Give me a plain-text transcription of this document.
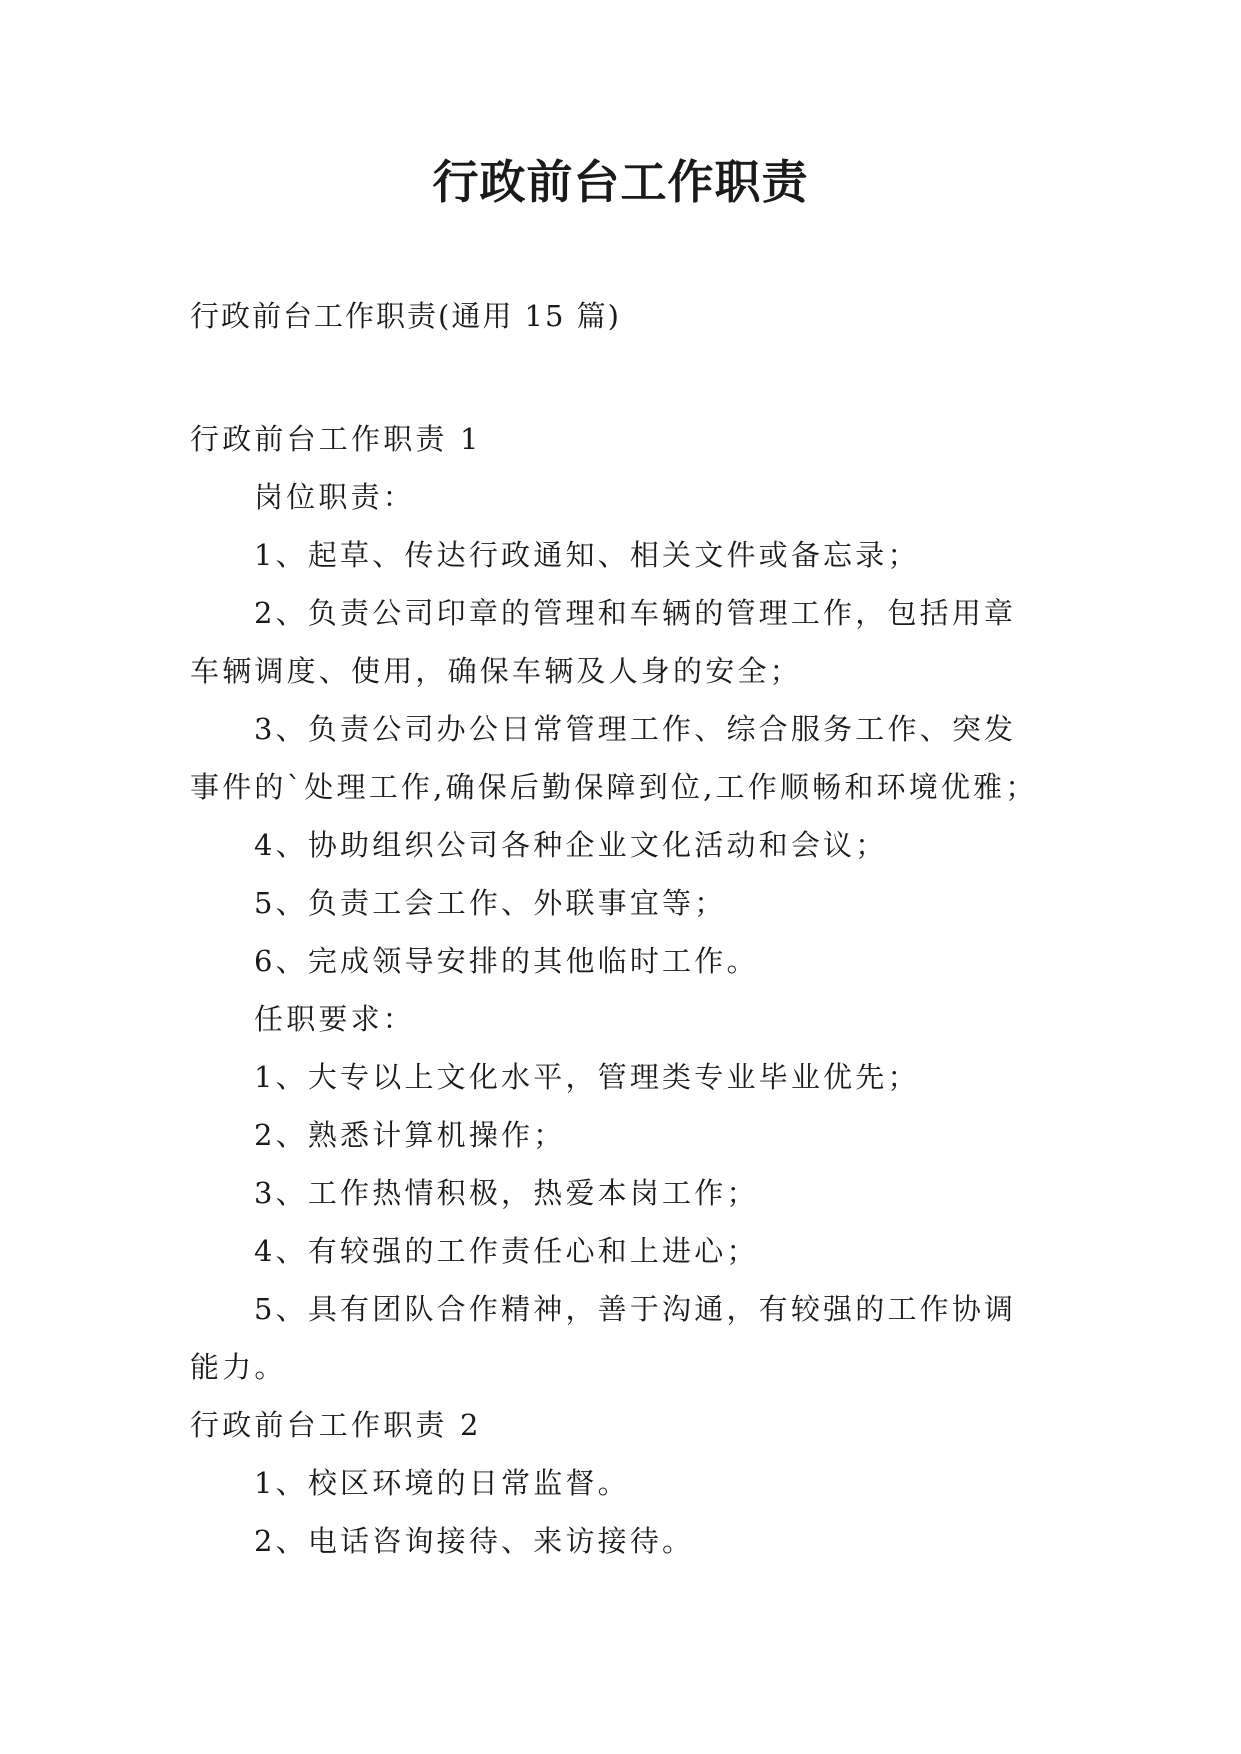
行政前台工作职责

行政前台工作职责(通用 15 篇)

行政前台工作职责 1

岗位职责：

1、起草、传达行政通知、相关文件或备忘录；

2、负责公司印章的管理和车辆的管理工作，包括用章

车辆调度、使用，确保车辆及人身的安全；

3、负责公司办公日常管理工作、综合服务工作、突发

事件的`处理工作,确保后勤保障到位,工作顺畅和环境优雅；

4、协助组织公司各种企业文化活动和会议；

5、负责工会工作、外联事宜等；

6、完成领导安排的其他临时工作。

任职要求：

1、大专以上文化水平，管理类专业毕业优先；

2、熟悉计算机操作；

3、工作热情积极，热爱本岗工作；

4、有较强的工作责任心和上进心；

5、具有团队合作精神，善于沟通，有较强的工作协调

能力。

行政前台工作职责 2

1、校区环境的日常监督。

2、电话咨询接待、来访接待。
